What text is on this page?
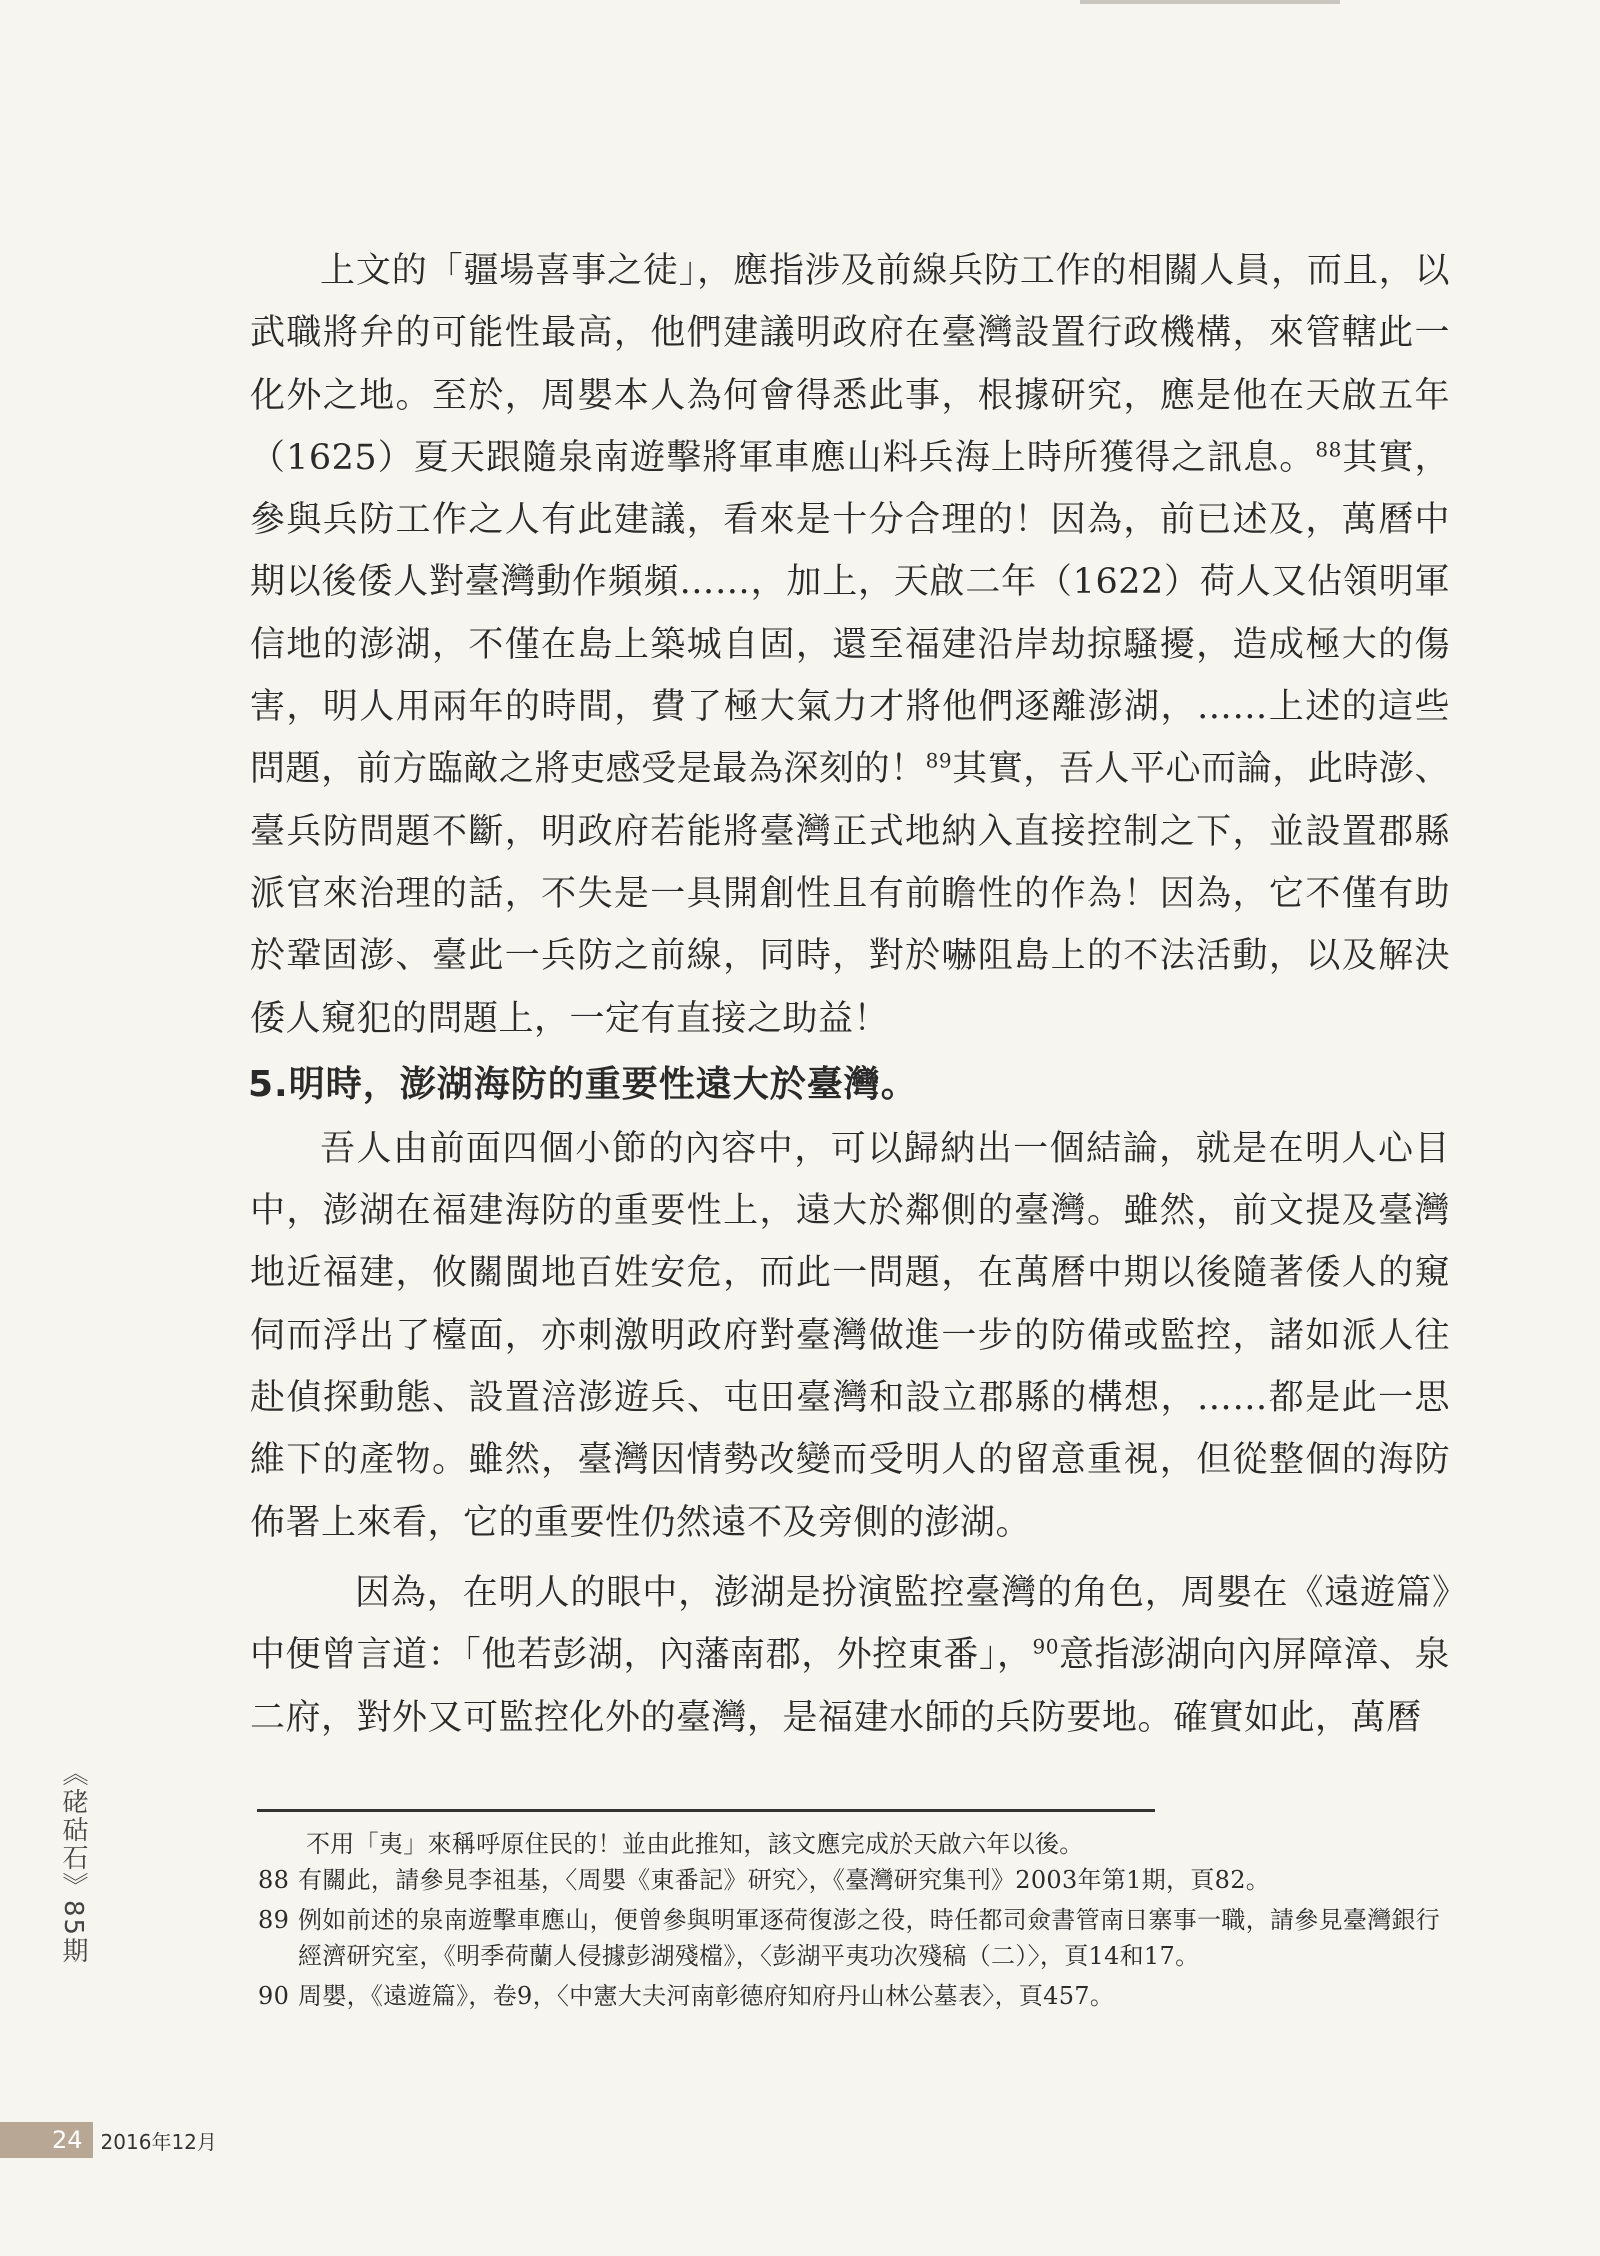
上文的「疆場喜事之徒」，應指涉及前線兵防工作的相關人員，而且，以武職將弁的可能性最高，他們建議明政府在臺灣設置行政機構，來管轄此一化外之地。至於，周嬰本人為何會得悉此事，根據研究，應是他在天啟五年（1625）夏天跟隨泉南遊擊將軍車應山料兵海上時所獲得之訊息。$^{88}$其實，參與兵防工作之人有此建議，看來是十分合理的！因為，前已述及，萬曆中期以後倭人對臺灣動作頻頻……，加上，天啟二年（1622）荷人又佔領明軍信地的澎湖，不僅在島上築城自固，還至福建沿岸劫掠騷擾，造成極大的傷害，明人用兩年的時間，費了極大氣力才將他們逐離澎湖，……上述的這些問題，前方臨敵之將吏感受是最為深刻的！$^{89}$其實，吾人平心而論，此時澎、臺兵防問題不斷，明政府若能將臺灣正式地納入直接控制之下，並設置郡縣派官來治理的話，不失是一具開創性且有前瞻性的作為！因為，它不僅有助於鞏固澎、臺此一兵防之前線，同時，對於嚇阻島上的不法活動，以及解決倭人窺犯的問題上，一定有直接之助益！

5.明時，澎湖海防的重要性遠大於臺灣。

吾人由前面四個小節的內容中，可以歸納出一個結論，就是在明人心目中，澎湖在福建海防的重要性上，遠大於鄰側的臺灣。雖然，前文提及臺灣地近福建，攸關閩地百姓安危，而此一問題，在萬曆中期以後隨著倭人的窺伺而浮出了檯面，亦刺激明政府對臺灣做進一步的防備或監控，諸如派人往赴偵探動態、設置涪澎遊兵、屯田臺灣和設立郡縣的構想，……都是此一思維下的產物。雖然，臺灣因情勢改變而受明人的留意重視，但從整個的海防佈署上來看，它的重要性仍然遠不及旁側的澎湖。

因為，在明人的眼中，澎湖是扮演監控臺灣的角色，周嬰在《遠遊篇》中便曾言道：「他若彭湖，內藩南郡，外控東番」，$^{90}$意指澎湖向內屏障漳、泉二府，對外又可監控化外的臺灣，是福建水師的兵防要地。確實如此，萬曆

不用「夷」來稱呼原住民的！並由此推知，該文應完成於天啟六年以後。
88 有關此，請參見李祖基，〈周嬰《東番記》研究〉，《臺灣研究集刊》2003年第1期，頁82。
89 例如前述的泉南遊擊車應山，便曾參與明軍逐荷復澎之役，時任都司僉書管南日寨事一職，請參見臺灣銀行經濟研究室，《明季荷蘭人侵據彭湖殘檔》，〈彭湖平夷功次殘稿（二）〉，頁14和17。
90 周嬰，《遠遊篇》，卷9，〈中憲大夫河南彰德府知府丹山林公墓表〉，頁457。
《硓𥑮石》85期
24 2016年12月
